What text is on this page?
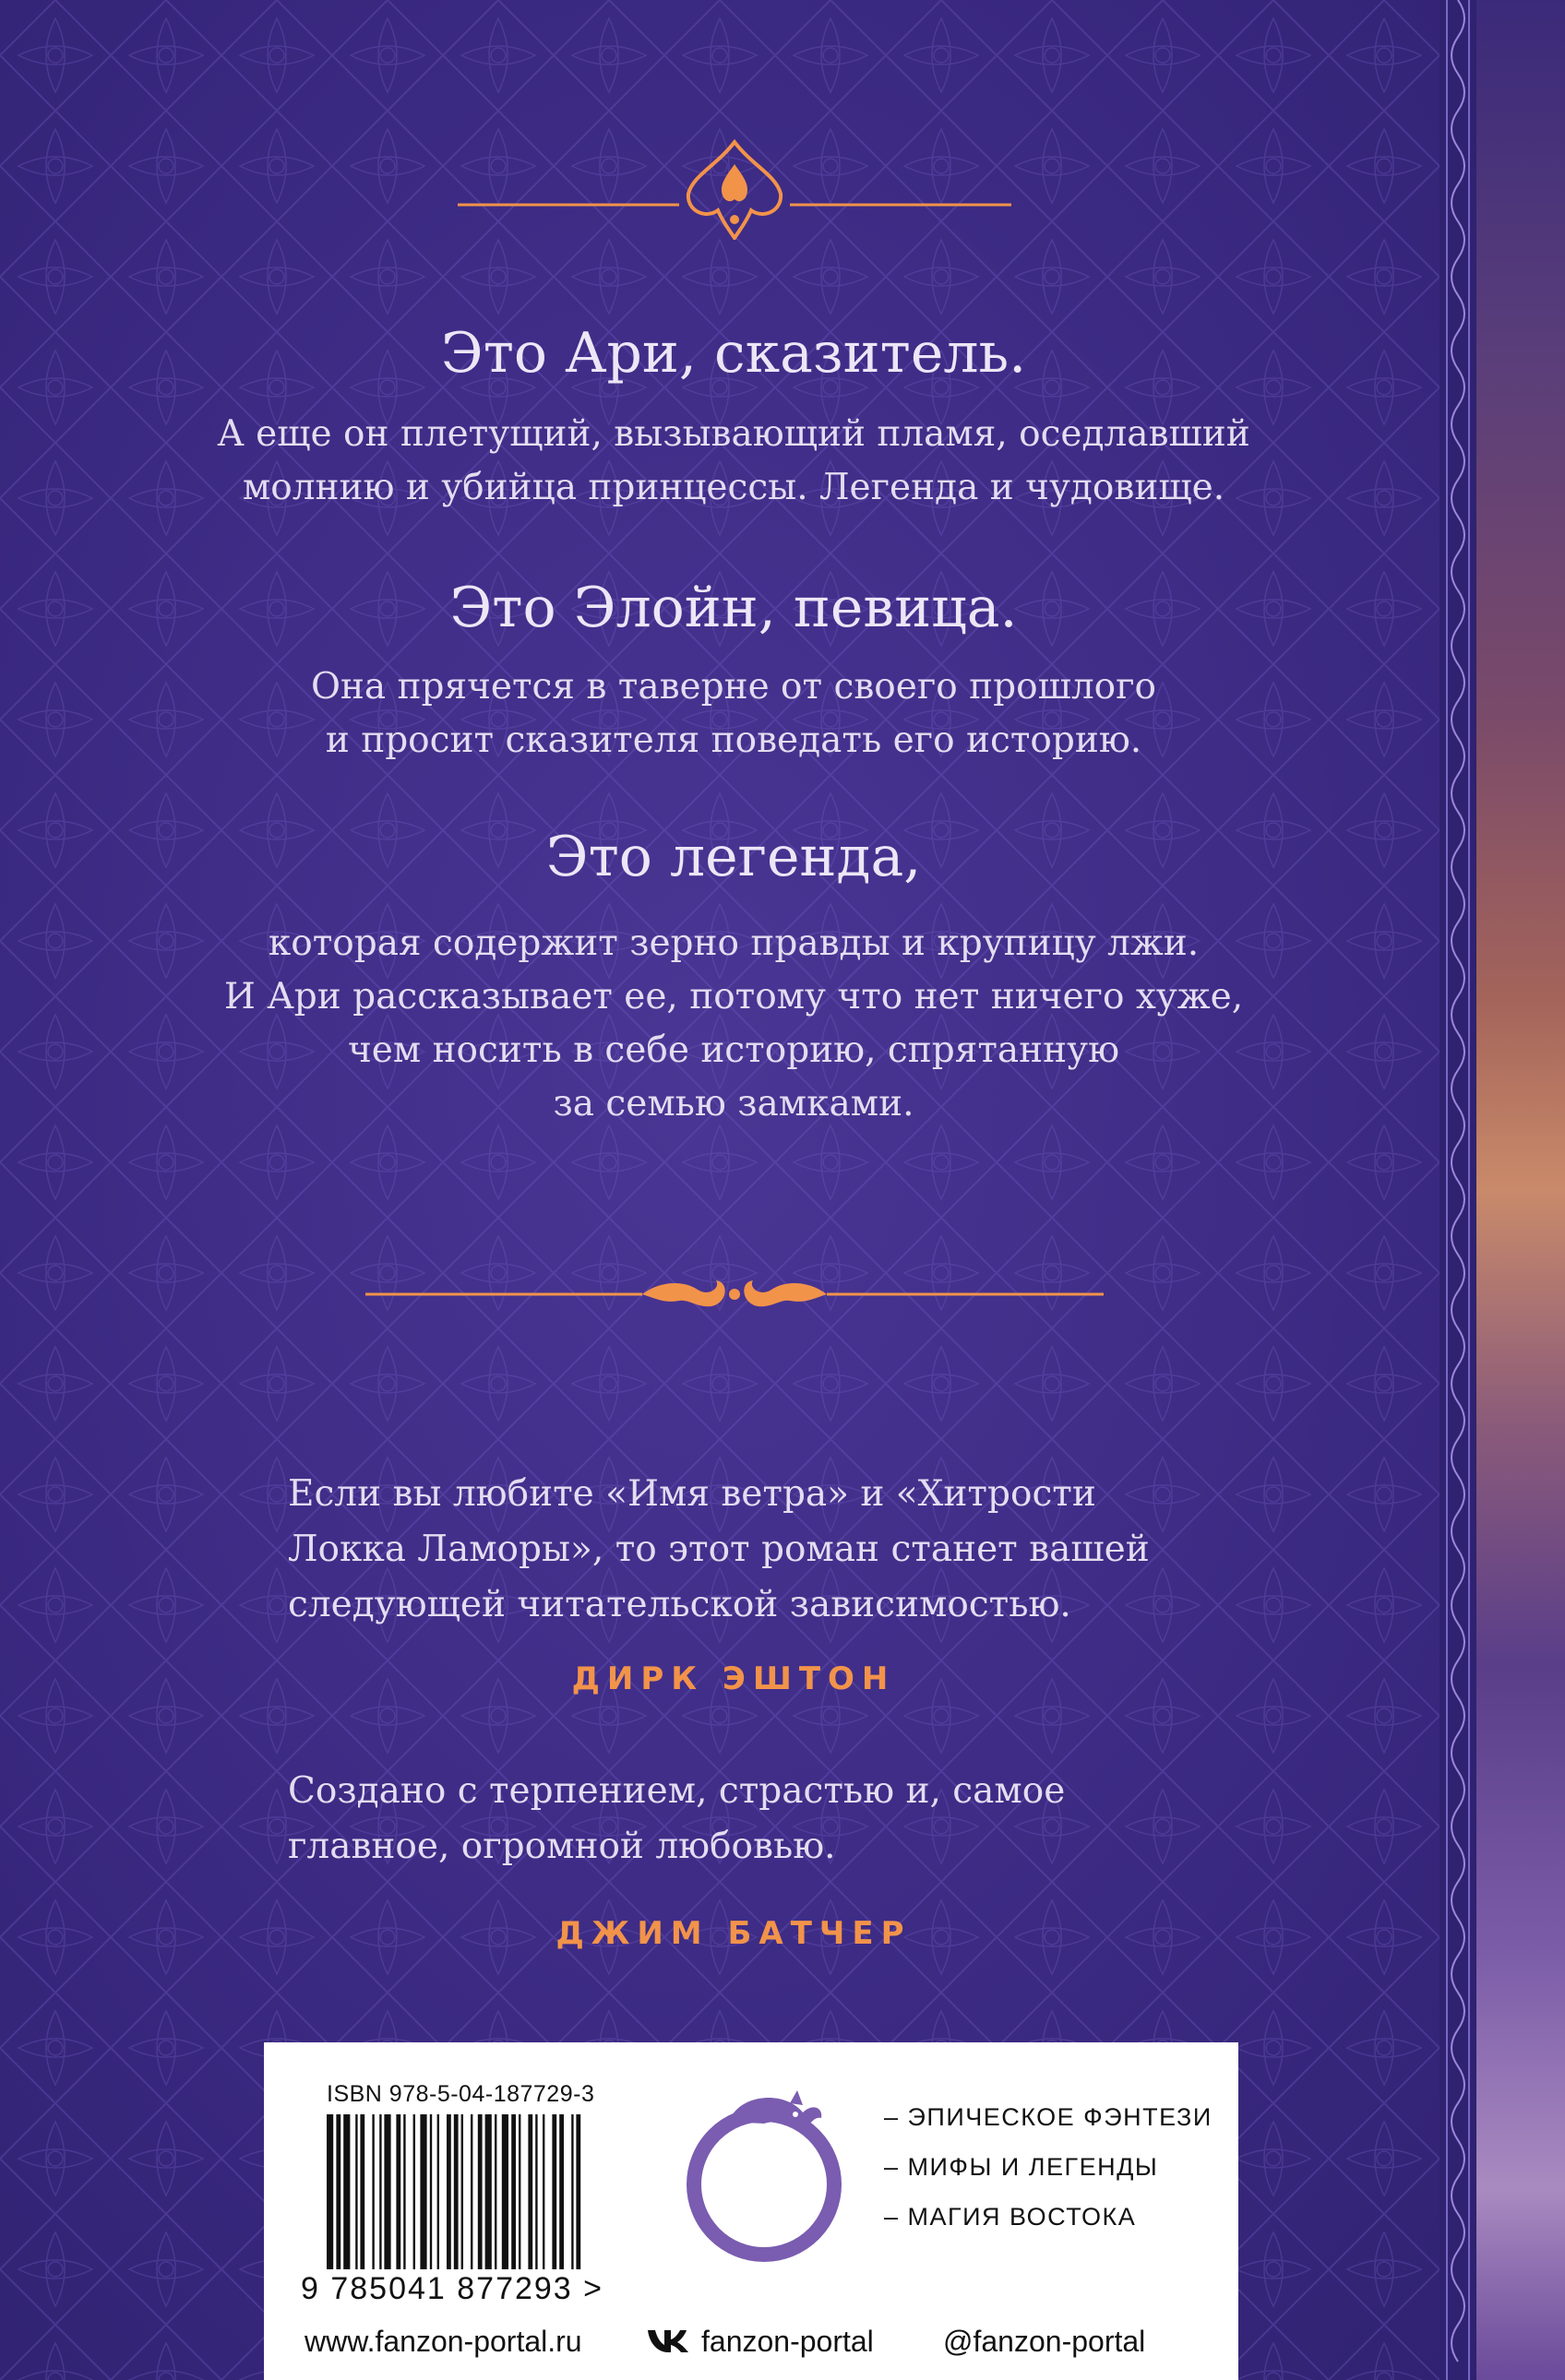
Это Ари, сказитель.
А еще он плетущий, вызывающий пламя, оседлавший
молнию и убийца принцессы. Легенда и чудовище.
Это Элойн, певица.
Она прячется в таверне от своего прошлого
и просит сказителя поведать его историю.
Это легенда,
которая содержит зерно правды и крупицу лжи.
И Ари рассказывает ее, потому что нет ничего хуже,
чем носить в себе историю, спрятанную
за семью замками.
Если вы любите «Имя ветра» и «Хитрости
Локка Ламоры», то этот роман станет вашей
следующей читательской зависимостью.
ДИРК ЭШТОН
Создано с терпением, страстью и, самое
главное, огромной любовью.
ДЖИМ БАТЧЕР
ISBN 978-5-04-187729-3
9 785041 877293 >
– ЭПИЧЕСКОЕ ФЭНТЕЗИ
– МИФЫ И ЛЕГЕНДЫ
– МАГИЯ ВОСТОКА
www.fanzon-portal.ru	fanzon-portal @fanzon-portal
